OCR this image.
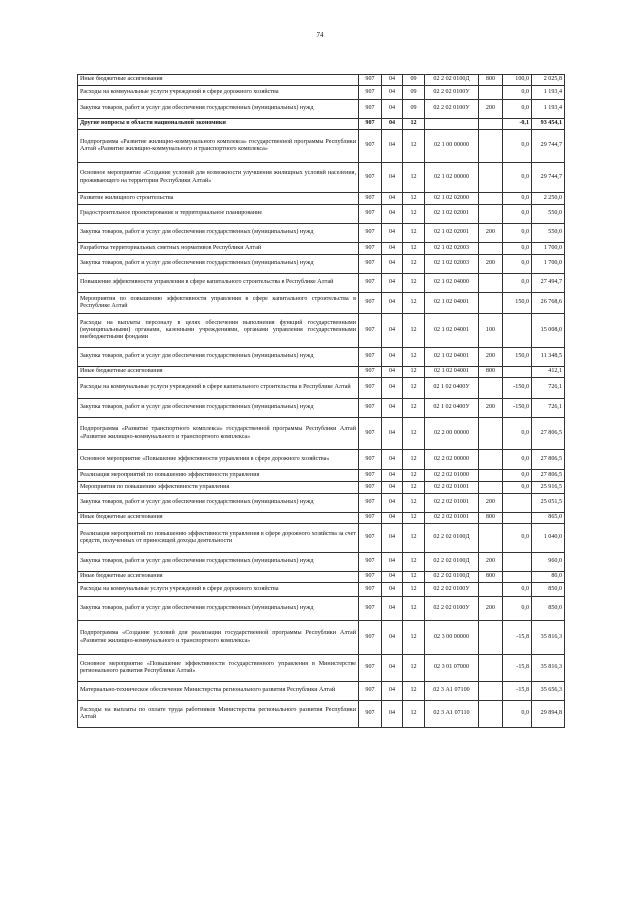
74
Иные бюджетные ассигнования	907	04	09	02 2 02 0100Д	800	100,0	2 025,8
Расходы на коммунальные услуги учреждений в сфере дорожного хозяйства	907	04	09	02 2 02 0100У		0,0	1 193,4
Закупка товаров, работ и услуг для обеспечения государственных (муниципальных) нужд	907	04	09	02 2 02 0100У	200	0,0	1 193,4
Другие вопросы в области национальной экономики	907	04	12			-0,1	93 454,1
Подпрограмма «Развитие жилищно-коммунального комплекса» государственной программы Республики Алтай «Развитие жилищно-коммунального и транспортного комплекса»	907	04	12	02 1 00 00000		0,0	29 744,7
Основное мероприятие «Создание условий для возможности улучшения жилищных условий населения, проживающего на территории Республики Алтай»	907	04	12	02 1 02 00000		0,0	29 744,7
Развитие жилищного строительства	907	04	12	02 1 02 02000		0,0	2 250,0
Градостроительное проектирование и территориальное планирование	907	04	12	02 1 02 02001		0,0	550,0
Закупка товаров, работ и услуг для обеспечения государственных (муниципальных) нужд	907	04	12	02 1 02 02001	200	0,0	550,0
Разработка территориальных сметных нормативов Республики Алтай	907	04	12	02 1 02 02003		0,0	1 700,0
Закупка товаров, работ и услуг для обеспечения государственных (муниципальных) нужд	907	04	12	02 1 02 02003	200	0,0	1 700,0
Повышение эффективности управления в сфере капитального строительства в Республике Алтай	907	04	12	02 1 02 04000		0,0	27 494,7
Мероприятия по повышению эффективности управления в сфере капитального строительства в Республике Алтай	907	04	12	02 1 02 04001		150,0	26 768,6
Расходы на выплаты персоналу в целях обеспечения выполнения функций государственными (муниципальными) органами, казенными учреждениями, органами управления государственными внебюджетными фондами	907	04	12	02 1 02 04001	100		15 008,0
Закупка товаров, работ и услуг для обеспечения государственных (муниципальных) нужд	907	04	12	02 1 02 04001	200	150,0	11 348,5
Иные бюджетные ассигнования	907	04	12	02 1 02 04001	800		412,1
Расходы на коммунальные услуги учреждений в сфере капитального строительства в Республике Алтай	907	04	12	02 1 02 0400У		-150,0	726,1
Закупка товаров, работ и услуг для обеспечения государственных (муниципальных) нужд	907	04	12	02 1 02 0400У	200	-150,0	726,1
Подпрограмма «Развитие транспортного комплекса» государственной программы Республики Алтай «Развитие жилищно-коммунального и транспортного комплекса»	907	04	12	02 2 00 00000		0,0	27 806,5
Основное мероприятие «Повышение эффективности управления в сфере дорожного хозяйства»	907	04	12	02 2 02 00000		0,0	27 806,5
Реализация мероприятий по повышению эффективности управления	907	04	12	02 2 02 01000		0,0	27 806,5
Мероприятия по повышению эффективности управления	907	04	12	02 2 02 01001		0,0	25 916,5
Закупка товаров, работ и услуг для обеспечения государственных (муниципальных) нужд	907	04	12	02 2 02 01001	200		25 051,5
Иные бюджетные ассигнования	907	04	12	02 2 02 01001	800		865,0
Реализация мероприятий по повышению эффективности управления в сфере дорожного хозяйства за счет средств, полученных от приносящей доходы деятельности	907	04	12	02 2 02 0100Д		0,0	1 040,0
Закупка товаров, работ и услуг для обеспечения государственных (муниципальных) нужд	907	04	12	02 2 02 0100Д	200		960,0
Иные бюджетные ассигнования	907	04	12	02 2 02 0100Д	800		80,0
Расходы на коммунальные услуги учреждений в сфере дорожного хозяйства	907	04	12	02 2 02 0100У		0,0	850,0
Закупка товаров, работ и услуг для обеспечения государственных (муниципальных) нужд	907	04	12	02 2 02 0100У	200	0,0	850,0
Подпрограмма «Создание условий для реализации государственной программы Республики Алтай «Развитие жилищно-коммунального и транспортного комплекса»	907	04	12	02 3 00 00000		-15,8	35 816,3
Основное мероприятие «Повышение эффективности государственного управления в Министерстве регионального развития Республики Алтай»	907	04	12	02 3 01 07000		-15,8	35 816,3
Материально-техническое обеспечение Министерства регионального развития Республики Алтай	907	04	12	02 3 А1 07100		-15,8	35 656,3
Расходы на выплаты по оплате труда работников Министерства регионального развития Республики Алтай	907	04	12	02 3 А1 07110		0,0	29 894,8
